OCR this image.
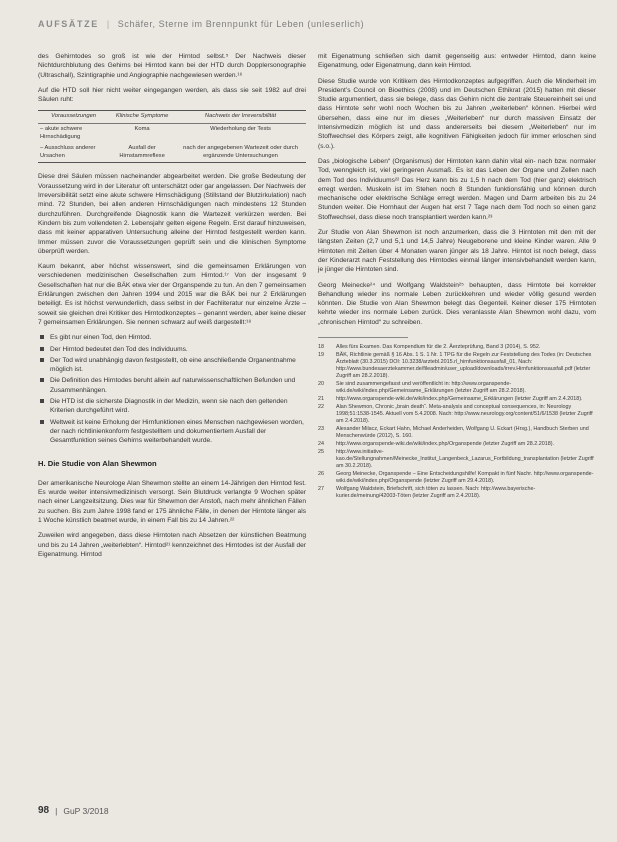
AUFSÄTZE | Schäfer, Sterne im Brennpunkt für Leben (unleserlich)

des Gehirntodes so groß ist wie der Hirntod selbst.⁵ Der Nachweis dieser Nichtdurchblutung des Gehirns bei Hirntod kann bei der HTD durch Dopplersonographie (Ultraschall), Szintigraphie und Angiographie nachgewiesen werden.¹⁶

Auf die HTD soll hier nicht weiter eingegangen werden, als dass sie seit 1982 auf drei Säulen ruht:

Voraussetzungen	Klinische Symptome	Nachweis der Irreversibilität
– akute schwere Hirnschädigung	Koma	Wiederholung der Tests
– Ausschluss anderer Ursachen	Ausfall der Hirnstammreflexe	nach der angegebenen Wartezeit oder durch ergänzende Untersuchungen

Diese drei Säulen müssen nacheinander abgearbeitet werden. Die große Bedeutung der Voraussetzung wird in der Literatur oft unterschätzt oder gar angelassen. Der Nachweis der Irreversibilität setzt eine akute schwere Hirnschädigung (Stillstand der Blutzirkulation) nach mind. 72 Stunden, bei allen anderen Hirnschädigungen nach mindestens 12 Stunden durchzuführen. Durchgreifende Diagnostik kann die Wartezeit verkürzen werden. Bei Kindern bis zum vollendeten 2. Lebensjahr gelten eigene Regeln. Erst darauf hinzuweisen, dass mit keiner apparativen Untersuchung alleine der Hirntod festgestellt werden kann. Immer müssen zuvor die Voraussetzungen geprüft sein und die klinischen Symptome überprüft werden.

Kaum bekannt, aber höchst wissenswert, sind die gemeinsamen Erklärungen von verschiedenen medizinischen Gesellschaften zum Hirntod.¹⁷ Von der insgesamt 9 Gesellschaften hat nur die BÄK etwa vier der Organspende zu tun. An den 7 gemeinsamen Erklärungen zwischen den Jahren 1994 und 2015 war die BÄK bei nur 2 Erklärungen beteiligt. Es ist höchst verwunderlich, dass selbst in der Fachliteratur nur einzelne Ärzte – soweit sie gleichen drei Kritiker des Hirntodkonzeptes – genannt werden, aber keine dieser 7 gemeinsamen Erklärungen. Sie nennen schwarz auf weiß dargestellt:¹⁸

Es gibt nur einen Tod, den Hirntod.
Der Hirntod bedeutet den Tod des Individuums.
Der Tod wird unabhängig davon festgestellt, ob eine anschließende Organentnahme möglich ist.
Die Definition des Hirntodes beruht allein auf naturwissenschaftlichen Befunden und Zusammenhängen.
Die HTD ist die sicherste Diagnostik in der Medizin, wenn sie nach den geltenden Kriterien durchgeführt wird.
Weltweit ist keine Erholung der Hirnfunktionen eines Menschen nachgewiesen worden, der nach richtlinienkonform festgestelltem und dokumentiertem Ausfall der Gesamtfunktion seines Gehirns weiterbehandelt wurde.
H. Die Studie von Alan Shewmon

Der amerikanische Neurologe Alan Shewmon stellte an einem 14-Jährigen den Hirntod fest. Es wurde weiter intensivmedizinisch versorgt. Sein Blutdruck verlangte 9 Wochen später nach einer Langzeitsitzung. Dies war für Shewmon der Anstoß, nach mehr ähnlichen Fällen zu suchen. Bis zum Jahre 1998 fand er 175 ähnliche Fälle, in denen der Hirntote länger als 1 Woche künstlich beatmet wurde, in einem Fall bis zu 14 Jahren.²²

Zuweilen wird angegeben, dass diese Hirntoten nach Absetzen der künstlichen Beatmung und bis zu 14 Jahren „weiterlebten“. Hirntod²¹ kennzeichnet des Hirntodes ist der Ausfall der Eigenatmung. Hirntod

mit Eigenatmung schließen sich damit gegenseitig aus: entweder Hirntod, dann keine Eigenatmung, oder Eigenatmung, dann kein Hirntod.

Diese Studie wurde von Kritikern des Hirntodkonzeptes aufgegriffen. Auch die Minderheit im President’s Council on Bioethics (2008) und im Deutschen Ethikrat (2015) hatten mit dieser Studie argumentiert, dass sie belege, dass das Gehirn nicht die zentrale Steuereinheit sei und dass Hirntote sehr wohl noch Wochen bis zu Jahren „weiterleben“ können. Hierbei wird übersehen, dass eine nur im dieses „Weiterleben“ nur durch massiven Einsatz der Intensivmedizin möglich ist und dass andererseits bei diesem „Weiterleben“ nur im Stoffwechsel des Körpers zeigt, alle kognitiven Fähigkeiten jedoch für immer erloschen sind (s.o.).

Das „biologische Leben“ (Organismus) der Hirntoten kann dahin vital ein- nach bzw. normaler Tod, wenngleich ist, viel geringeren Ausmaß. Es ist das Leben der Organe und Zellen nach dem Tod des Individuums²² Das Herz kann bis zu 1,5 h nach dem Tod (hier ganz) elektrisch erregt werden. Muskeln ist im Stehen noch 8 Stunden funktionsfähig und können durch mechanische oder elektrische Schläge erregt werden. Magen und Darm arbeiten bis zu 24 Stunden weiter. Die Hornhaut der Augen hat erst 7 Tage nach dem Tod noch so einen ganz Stoffwechsel, dass diese noch transplantiert werden kann.²³

Zur Studie von Alan Shewmon ist noch anzumerken, dass die 3 Hirntoten mit den mit der längsten Zeiten (2,7 und 5,1 und 14,5 Jahre) Neugeborene und kleine Kinder waren. Alle 9 Hirntoten mit Zeiten über 4 Monaten waren jünger als 18 Jahre. Hirntot ist noch belegt, dass der Kinderarzt nach Feststellung des Hirntodes einmal länger intensivbehandelt werden kann, je jünger die Hirntoten sind.

Georg Meinecke²⁴ und Wolfgang Waldstein²⁵ behaupten, dass Hirntote bei korrekter Behandlung wieder ins normale Leben zurückkehren und wieder völlig gesund werden könnten. Die Studie von Alan Shewmon belegt das Gegenteil. Keiner dieser 175 Hirntoten kehrte wieder ins normale Leben zurück. Dies veranlasste Alan Shewmon wohl dazu, vom „chronischen Hirntod“ zu schreiben.

18	Alles fürs Examen. Das Kompendium für die 2. Äerzteprüfung, Band 3 (2014), S. 952.
19	BÄK, Richtlinie gemäß § 16 Abs. 1 S. 1 Nr. 1 TPG für die Regeln zur Feststellung des Todes (in: Deutsches Ärzteblatt (30.3.2015) DOI: 10.3238/arztebl.2015.rl_hirnfunktionsausfall_01, Nach: http://www.bundesaerztekammer.de/fileadmin/user_upload/downloads/irrev.Hirnfunktionsausfall.pdf (letzter Zugriff am 28.2.2018).
20	Sie sind zusammengefasst und veröffentlicht in: http://www.organspende-wiki.de/wiki/index.php/Gemeinsame_Erklärungen (letzter Zugriff am 28.2.2018).
21	http://www.organspende-wiki.de/wiki/index.php/Gemeinsame_Erklärungen (letzter Zugriff am 2.4.2018).
22	Alan Shewmon, Chronic „brain death“. Meta-analysis and conceptual consequences, in: Neurology 1998;51:1538-1545. Aktuell vom 5.4.2008. Nach: http://www.neurology.org/content/51/6/1538 (letzter Zugriff am 2.4.2018).
23	Alexander Milacz, Eckart Hahn, Michael Anderheiden, Wolfgang U. Eckart (Hrsg.), Handbuch Sterben und Menschenwürde (2012), S. 160.
24	http://www.organspende-wiki.de/wiki/index.php/Organspende (letzter Zugriff am 28.2.2018).
25	http://www.initiative-kao.de/Stellungnahmen/Meinecke_Institut_Langenbeck_Lazarus_Fortbildung_transplantation (letzter Zugriff am 30.2.2018).
26	Georg Meinecke, Organspende – Eine Entscheidungshilfe! Kompakt in fünf Nachr. http://www.organspende-wiki.de/wiki/index.php/Organspende (letzter Zugriff am 29.4.2018).
27	Wolfgang Waldstein, Briefschrift, sich töten zu lassen. Nach: http://www.bayerische-kurier.de/meinung/42003-Töten (letzter Zugriff am 2.4.2018).
98 | GuP 3/2018
